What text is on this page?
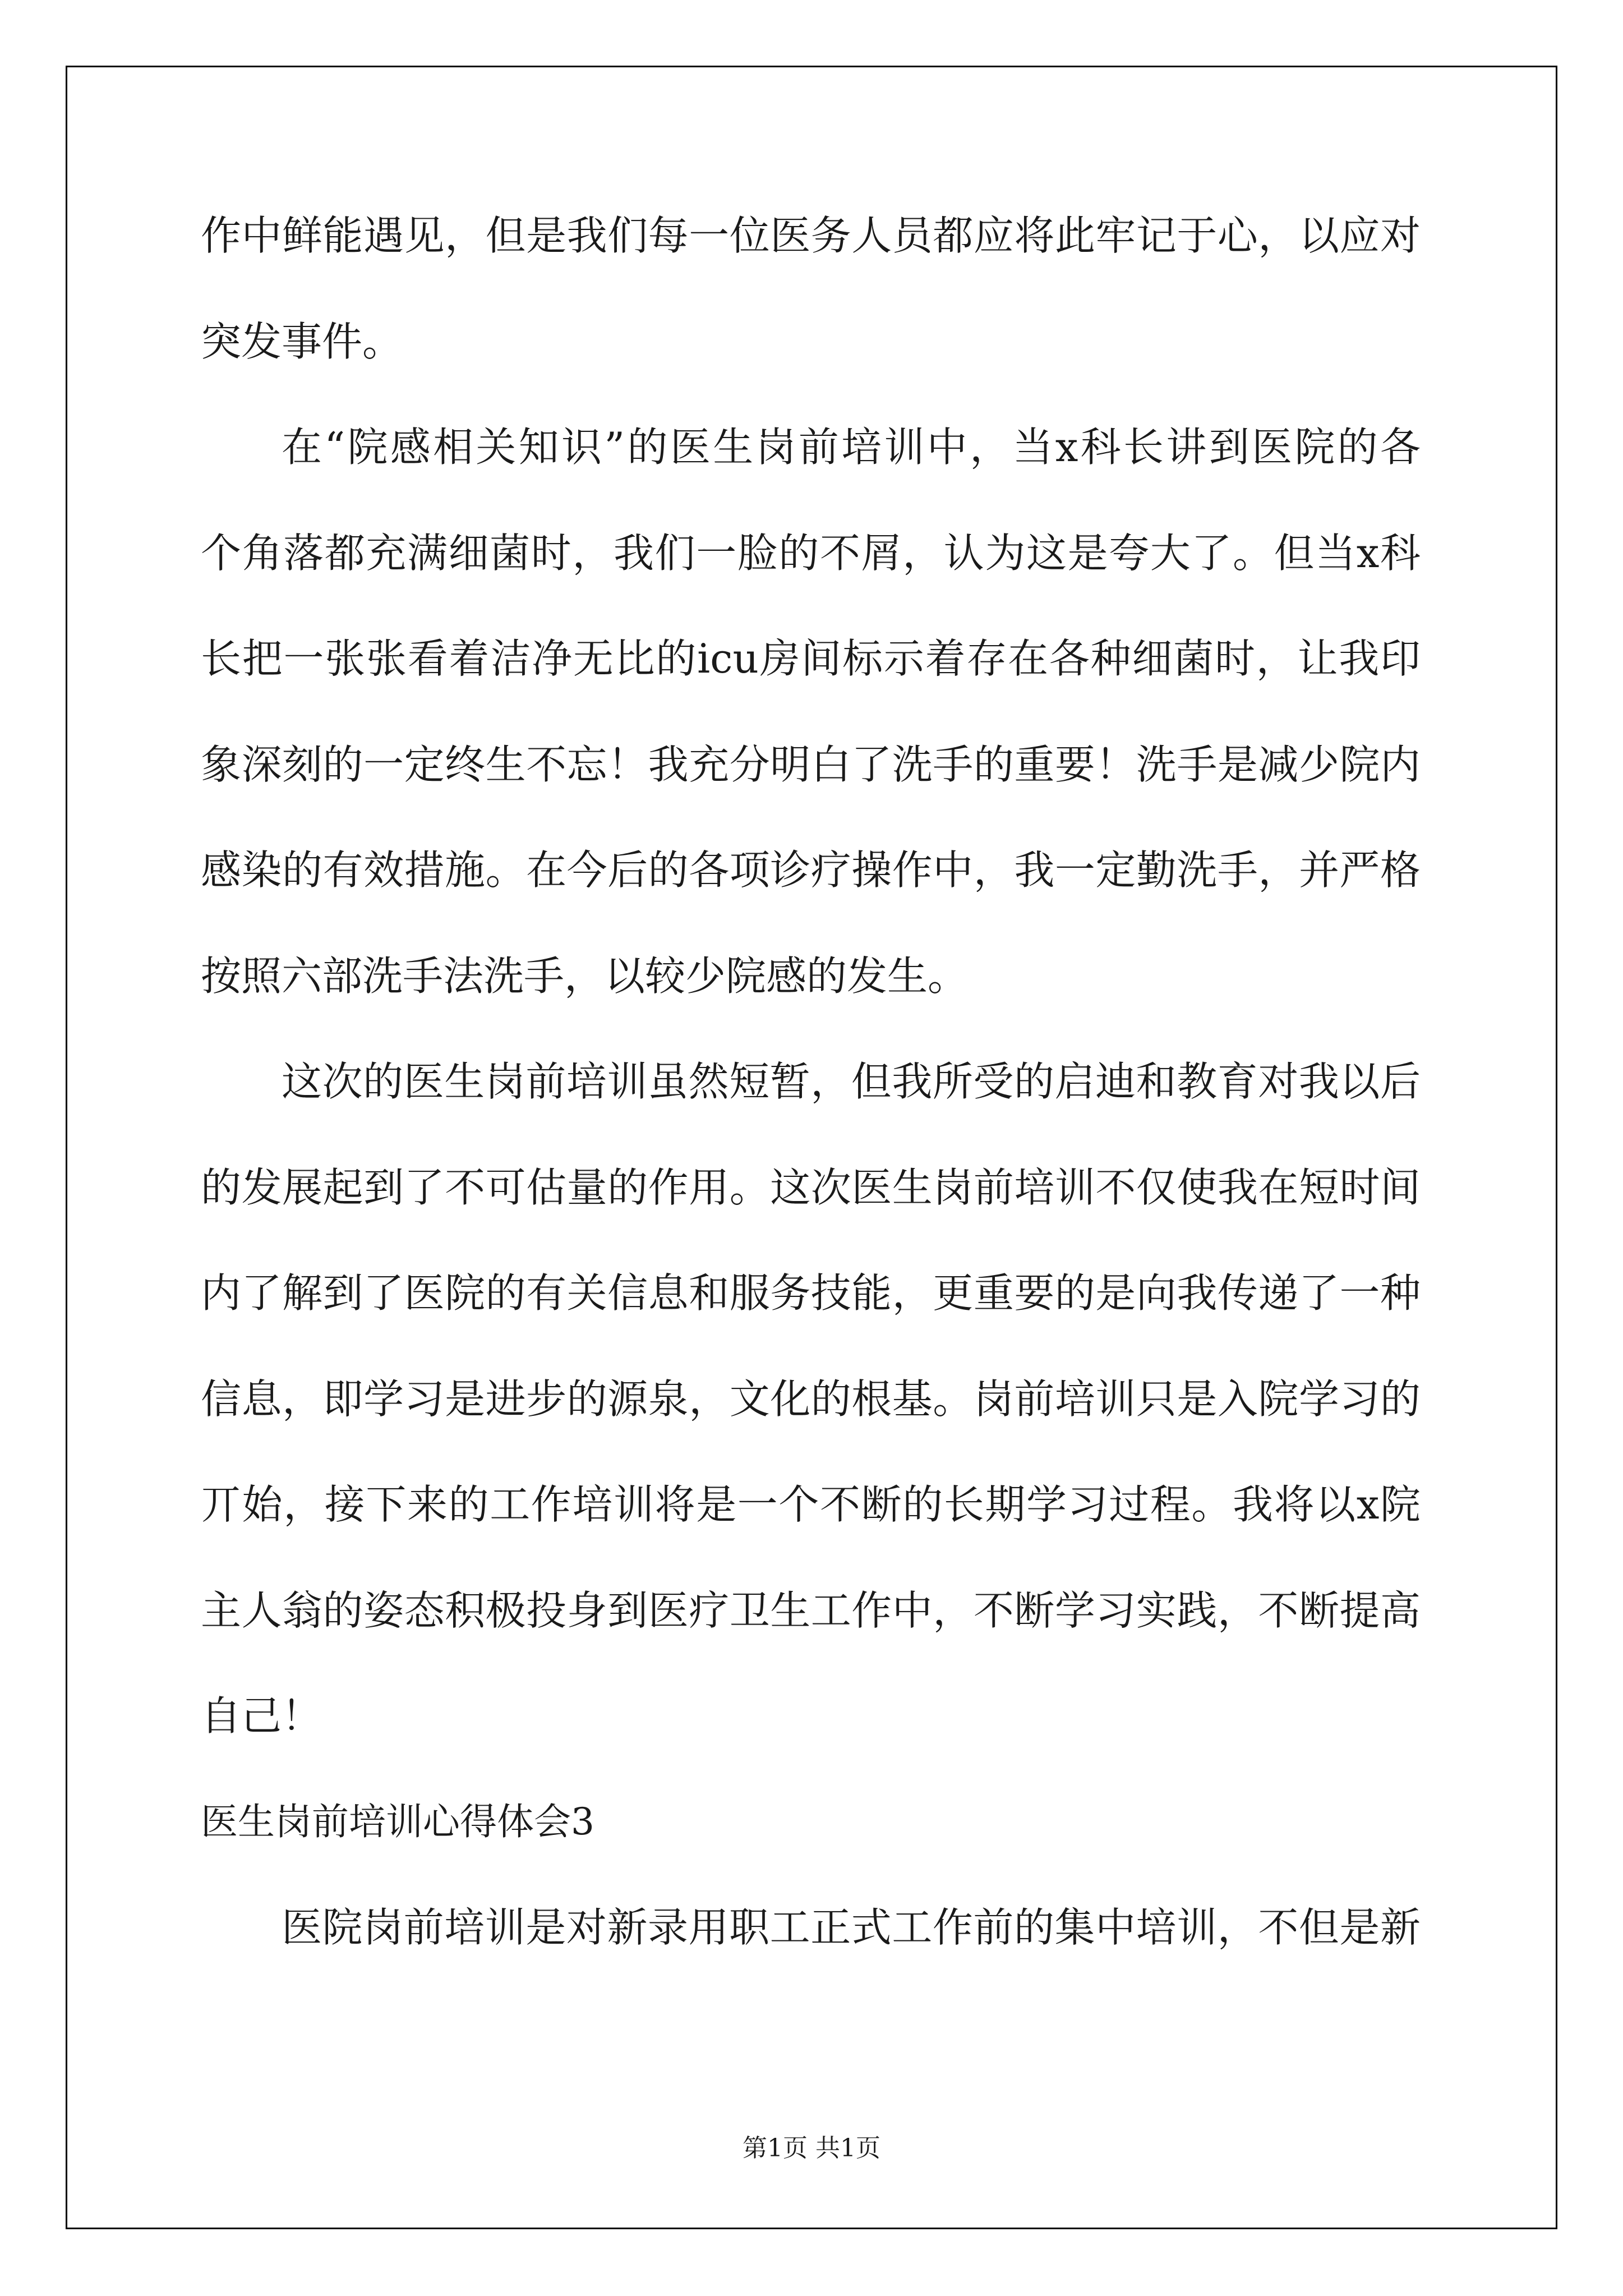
作中鲜能遇见，但是我们每一位医务人员都应将此牢记于心，以应对

突发事件。

在“院感相关知识”的医生岗前培训中，当x科长讲到医院的各

个角落都充满细菌时，我们一脸的不屑，认为这是夸大了。但当x科

长把一张张看着洁净无比的icu房间标示着存在各种细菌时，让我印

象深刻的一定终生不忘！我充分明白了洗手的重要！洗手是减少院内

感染的有效措施。在今后的各项诊疗操作中，我一定勤洗手，并严格

按照六部洗手法洗手，以较少院感的发生。

这次的医生岗前培训虽然短暂，但我所受的启迪和教育对我以后

的发展起到了不可估量的作用。这次医生岗前培训不仅使我在短时间

内了解到了医院的有关信息和服务技能，更重要的是向我传递了一种

信息，即学习是进步的源泉，文化的根基。岗前培训只是入院学习的

丌始，接下来的工作培训将是一个不断的长期学习过程。我将以x院

主人翁的姿态积极投身到医疗卫生工作中，不断学习实践，不断提高

自己！

医生岗前培训心得体会3

医院岗前培训是对新录用职工正式工作前的集中培训，不但是新

第1页 共1页
